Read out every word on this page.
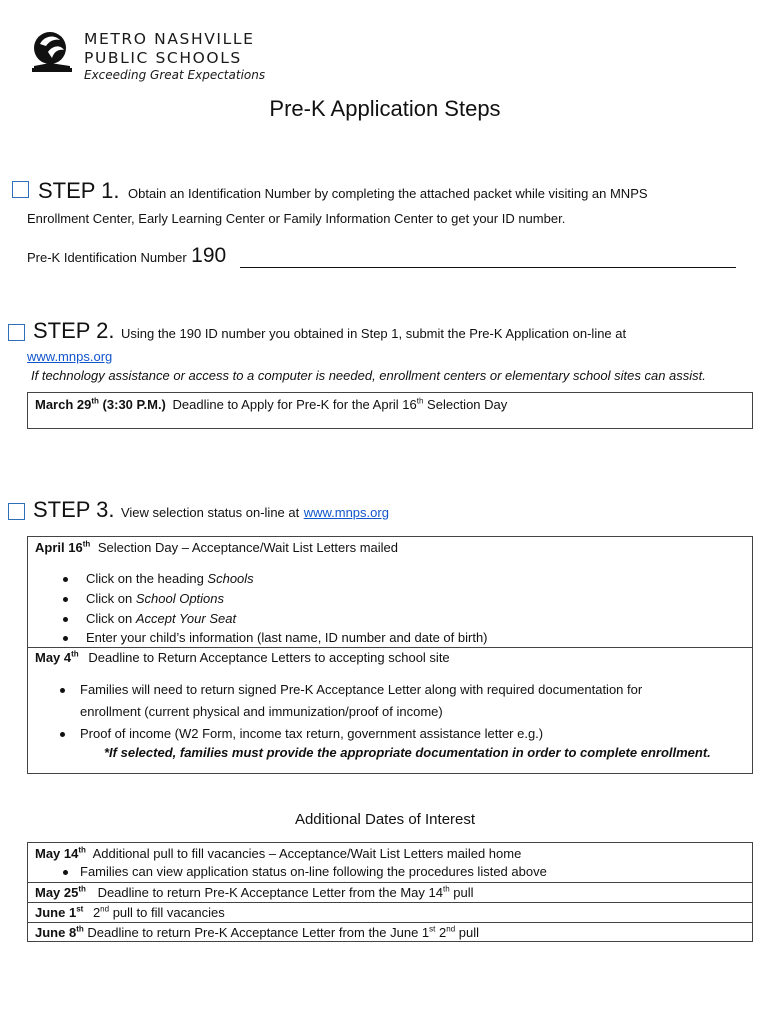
METRO NASHVILLE
PUBLIC SCHOOLS
Exceeding Great Expectations
Pre-K Application Steps
STEP 1. Obtain an Identification Number by completing the attached packet while visiting an MNPS
Enrollment Center, Early Learning Center or Family Information Center to get your ID number.
Pre-K Identification Number 190
STEP 2. Using the 190 ID number you obtained in Step 1, submit the Pre-K Application on-line at
www.mnps.org
If technology assistance or access to a computer is needed, enrollment centers or elementary school sites can assist.
March 29th (3:30 P.M.) Deadline to Apply for Pre-K for the April 16th Selection Day
STEP 3. View selection status on-line at www.mnps.org
April 16th Selection Day – Acceptance/Wait List Letters mailed
Click on the heading Schools
Click on School Options
Click on Accept Your Seat
Enter your child’s information (last name, ID number and date of birth)
May 4th Deadline to Return Acceptance Letters to accepting school site
Families will need to return signed Pre-K Acceptance Letter along with required documentation for
enrollment (current physical and immunization/proof of income)
Proof of income (W2 Form, income tax return, government assistance letter e.g.)
*If selected, families must provide the appropriate documentation in order to complete enrollment.
Additional Dates of Interest
May 14th Additional pull to fill vacancies – Acceptance/Wait List Letters mailed home
Families can view application status on-line following the procedures listed above
May 25th Deadline to return Pre-K Acceptance Letter from the May 14th pull
June 1st 2nd pull to fill vacancies
June 8th Deadline to return Pre-K Acceptance Letter from the June 1st 2nd pull
